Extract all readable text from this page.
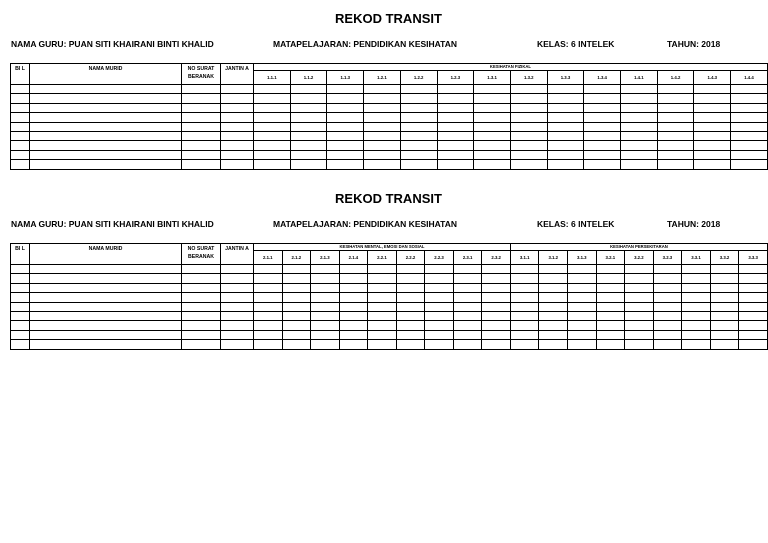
REKOD TRANSIT
NAMA GURU: PUAN SITI KHAIRANI BINTI KHALID	MATAPELAJARAN: PENDIDIKAN KESIHATAN	KELAS: 6 INTELEK	TAHUN: 2018
BI L	NAMA MURID	NO SURAT BERANAK	JANTIN A	KESIHATAN FIZIKAL													
				1.1.1	1.1.2	1.1.3	1.2.1	1.2.2	1.2.3	1.3.1	1.3.2	1.3.3	1.3.4	1.4.1	1.4.2	1.4.3	1.4.4

REKOD TRANSIT
NAMA GURU: PUAN SITI KHAIRANI BINTI KHALID	MATAPELAJARAN: PENDIDIKAN KESIHATAN	KELAS: 6 INTELEK	TAHUN: 2018
BI L	NAMA MURID	NO SURAT BERANAK	JANTIN A	KESIHATAN MENTAL, EMOSI DAN SOSIAL									KESIHATAN PERSEKITARAN								
				2.1.1	2.1.2	2.1.3	2.1.4	2.2.1	2.2.2	2.2.3	2.3.1	2.3.2	3.1.1	3.1.2	3.1.3	3.2.1	3.2.2	3.2.3	3.3.1	3.3.2	3.3.3
